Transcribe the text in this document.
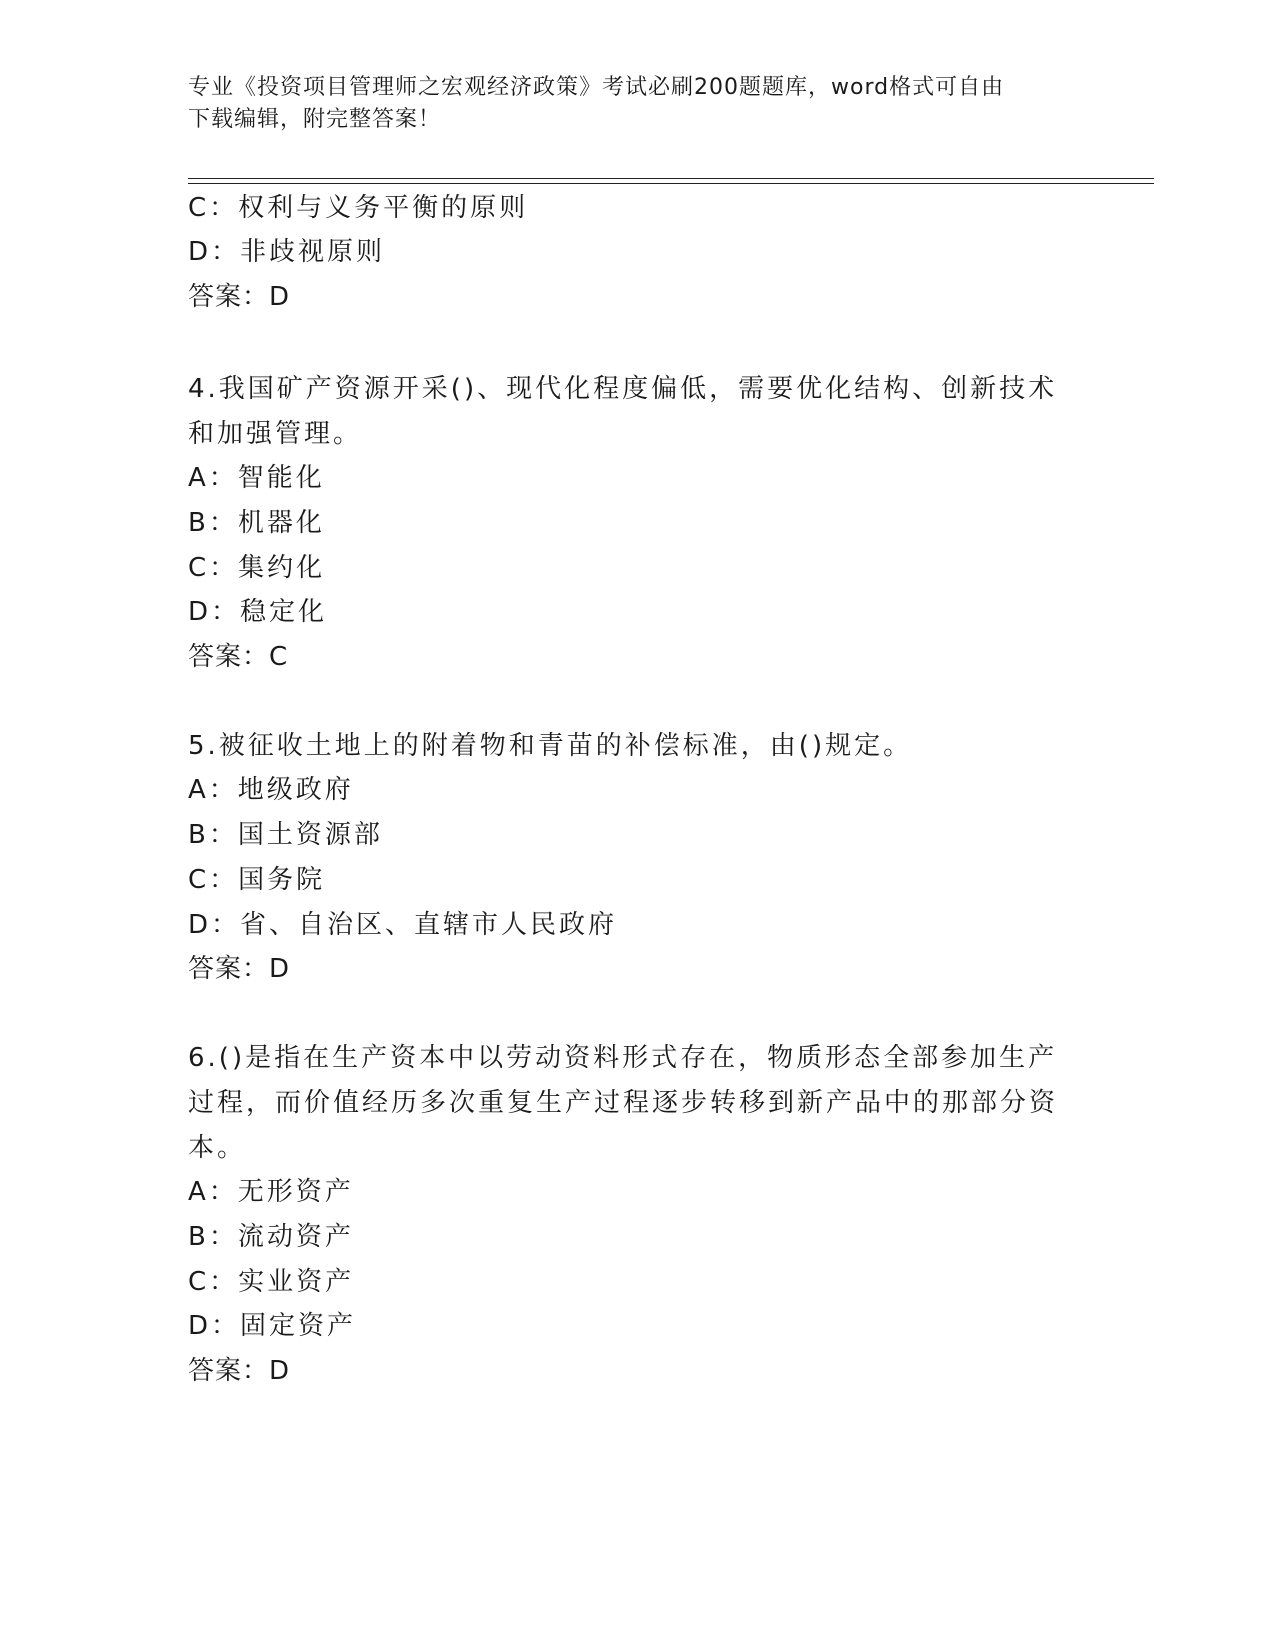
专业《投资项目管理师之宏观经济政策》考试必刷200题题库，word格式可自由
下载编辑，附完整答案！
C：权利与义务平衡的原则
D：非歧视原则
答案：D
4.我国矿产资源开采()、现代化程度偏低，需要优化结构、创新技术
和加强管理。
A：智能化
B：机器化
C：集约化
D：稳定化
答案：C
5.被征收土地上的附着物和青苗的补偿标准，由()规定。
A：地级政府
B：国土资源部
C：国务院
D：省、自治区、直辖市人民政府
答案：D
6.()是指在生产资本中以劳动资料形式存在，物质形态全部参加生产
过程，而价值经历多次重复生产过程逐步转移到新产品中的那部分资
本。
A：无形资产
B：流动资产
C：实业资产
D：固定资产
答案：D
